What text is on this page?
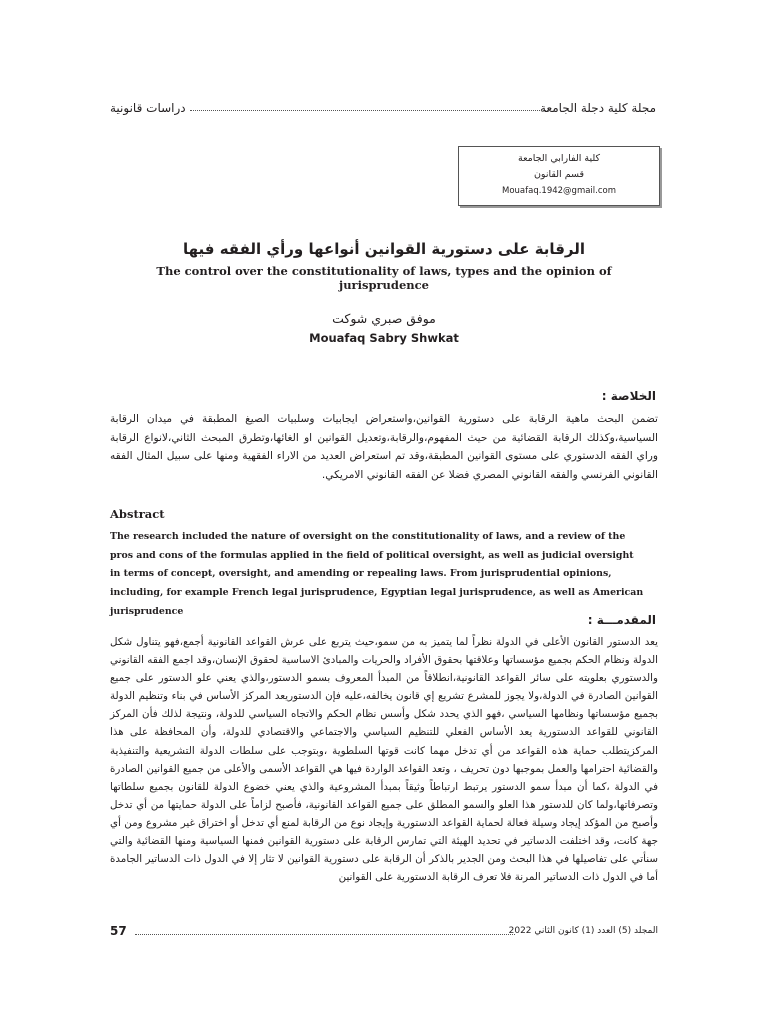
مجلة كلية دجلة الجامعة
دراسات قانونية
كلية الفارابي الجامعة
قسم القانون
Mouafaq.1942@gmail.com
الرقابة على دستورية القوانين أنواعها ورأي الفقه فيها
The control over the constitutionality of laws, types and the opinion of jurisprudence
موفق صبري شوكت
Mouafaq Sabry Shwkat
الخلاصة :
تضمن البحث ماهية الرقابة على دستورية القوانين،واستعراض ايجابيات وسلبيات الصيغ المطبقة في ميدان الرقابة السياسية،وكذلك الرقابة القضائية من حيث المفهوم،والرقابة،وتعديل القوانين او الغائها،وتطرق المبحث الثاني،لانواع الرقابة وراي الفقه الدستوري على مستوى القوانين المطبقة،وقد تم استعراض العديد من الاراء الفقهية ومنها على سبيل المثال الفقه القانوني الفرنسي والفقه القانوني المصري فضلا عن الفقه القانوني الامريكي.
Abstract
The research included the nature of oversight on the constitutionality of laws, and a review of the pros and cons of the formulas applied in the field of political oversight, as well as judicial oversight in terms of concept, oversight, and amending or repealing laws. From jurisprudential opinions, including, for example French legal jurisprudence, Egyptian legal jurisprudence, as well as American jurisprudence
المقدمـــة :
يعد الدستور القانون الأعلى في الدولة نظراً لما يتميز به من سمو،حيث يتربع على عرش القواعد القانونية أجمع،فهو يتناول شكل الدولة ونظام الحكم بجميع مؤسساتها وعلاقتها بحقوق الأفراد والحريات والمبادئ الاساسية لحقوق الإنسان،وقد اجمع الفقه القانوني والدستوري بعلويته على سائر القواعد القانونية،انطلاقاً من المبدأ المعروف بسمو الدستور،والذي يعني علو الدستور على جميع القوانين الصادرة في الدولة،ولا يجوز للمشرع تشريع إي قانون يخالفه،عليه فإن الدستوريعد المركز الأساس في بناء وتنظيم الدولة بجميع مؤسساتها ونظامها السياسي ،فهو الذي يحدد شكل وأسس نظام الحكم والاتجاه السياسي للدولة، ونتيجة لذلك فأن المركز القانوني للقواعد الدستورية يعد الأساس الفعلي للتنظيم السياسي والاجتماعي والاقتصادي للدولة، وأن المحافظة على هذا المركزيتطلب حماية هذه القواعد من أي تدخل مهما كانت قوتها السلطوية ،وبتوجب على سلطات الدولة التشريعية والتنفيذية والقضائية احترامها والعمل بموجبها دون تحريف ، وتعد القواعد الواردة فيها هي القواعد الأسمى والأعلى من جميع القوانين الصادرة في الدولة ،كما أن مبدأ سمو الدستور يرتبط ارتباطاً وثيقاً بمبدأ المشروعية والذي يعني خضوع الدولة للقانون بجميع سلطاتها وتصرفاتها،ولما كان للدستور هذا العلو والسمو المطلق على جميع القواعد القانونية، فأصبح لزاماً على الدولة حمايتها من أي تدخل وأصبح من المؤكد إيجاد وسيلة فعالة لحماية القواعد الدستورية وإيجاد نوع من الرقابة لمنع أي تدخل أو اختراق غير مشروع ومن أي جهة كانت، وقد اختلفت الدساتير في تحديد الهيئة التي تمارس الرقابة على دستورية القوانين فمنها السياسية ومنها القضائية والتي سنأتي على تفاصيلها في هذا البحث ومن الجدير بالذكر أن الرقابة على دستورية القوانين لا تثار إلا في الدول ذات الدساتير الجامدة أما في الدول ذات الدساتير المرنة فلا تعرف الرقابة الدستورية على القوانين
57	المجلد (5) العدد (1) كانون الثاني 2022
